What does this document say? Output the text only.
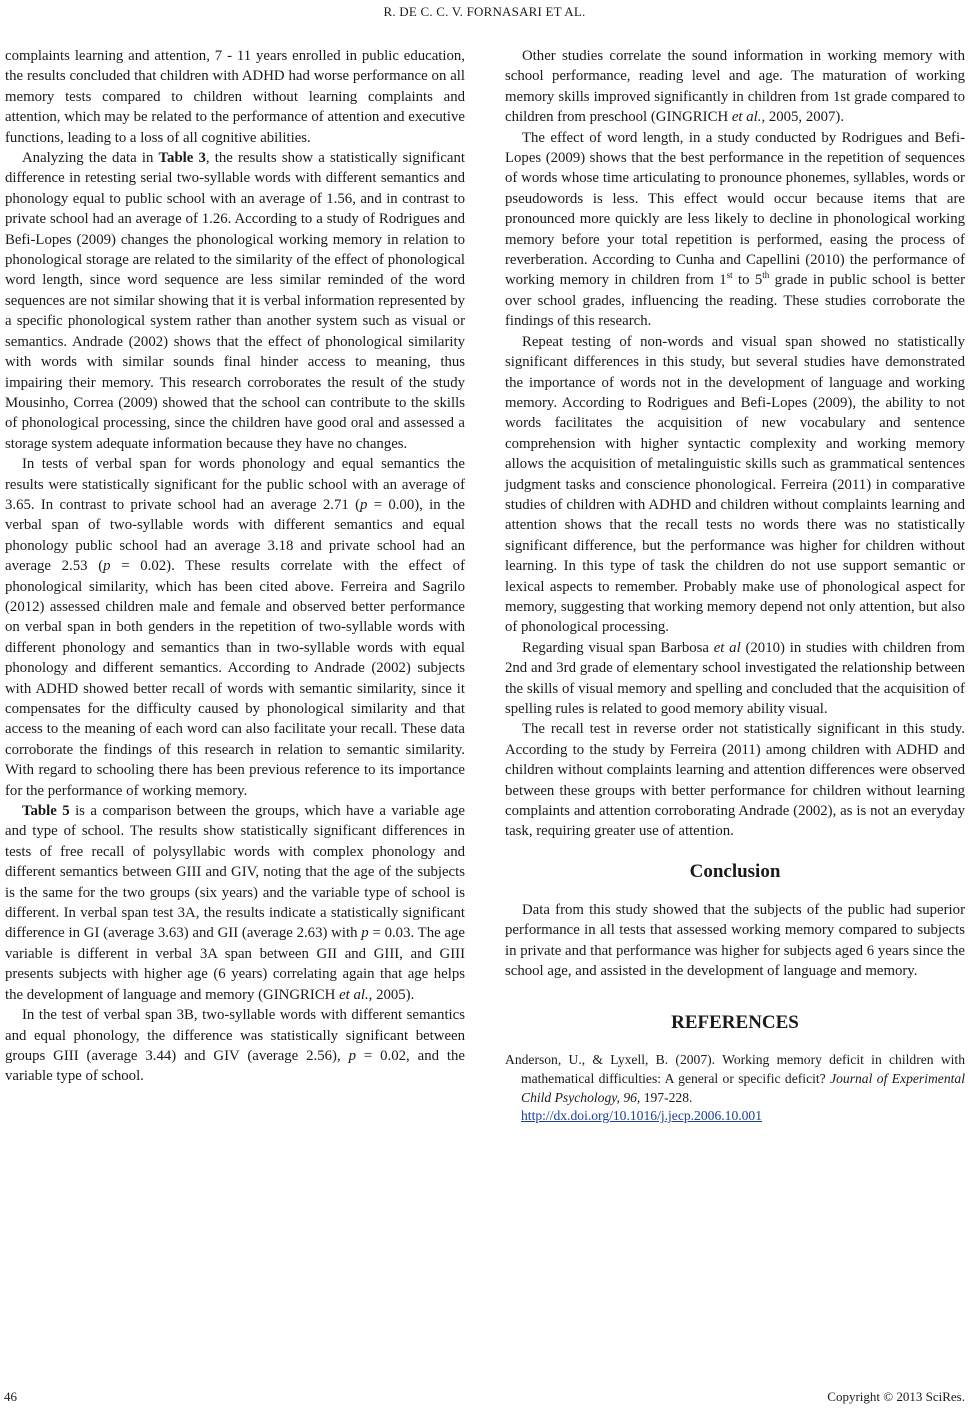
R. DE C. C. V. FORNASARI ET AL.

complaints learning and attention, 7 - 11 years enrolled in public education, the results concluded that children with ADHD had worse performance on all memory tests compared to children without learning complaints and attention, which may be related to the performance of attention and executive functions, leading to a loss of all cognitive abilities.

Analyzing the data in Table 3, the results show a statistically significant difference in retesting serial two-syllable words with different semantics and phonology equal to public school with an average of 1.56, and in contrast to private school had an average of 1.26. According to a study of Rodrigues and Befi-Lopes (2009) changes the phonological working memory in relation to phonological storage are related to the similarity of the effect of phonological word length, since word sequence are less similar reminded of the word sequences are not similar showing that it is verbal information represented by a specific phonological system rather than another system such as visual or semantics. Andrade (2002) shows that the effect of phonological similarity with words with similar sounds final hinder access to meaning, thus impairing their memory. This research corroborates the result of the study Mousinho, Correa (2009) showed that the school can contribute to the skills of phonological processing, since the children have good oral and assessed a storage system adequate information because they have no changes.

In tests of verbal span for words phonology and equal semantics the results were statistically significant for the public school with an average of 3.65. In contrast to private school had an average 2.71 (p = 0.00), in the verbal span of two-syllable words with different semantics and equal phonology public school had an average 3.18 and private school had an average 2.53 (p = 0.02). These results correlate with the effect of phonological similarity, which has been cited above. Ferreira and Sagrilo (2012) assessed children male and female and observed better performance on verbal span in both genders in the repetition of two-syllable words with different phonology and semantics than in two-syllable words with equal phonology and different semantics. According to Andrade (2002) subjects with ADHD showed better recall of words with semantic similarity, since it compensates for the difficulty caused by phonological similarity and that access to the meaning of each word can also facilitate your recall. These data corroborate the findings of this research in relation to semantic similarity. With regard to schooling there has been previous reference to its importance for the performance of working memory.

Table 5 is a comparison between the groups, which have a variable age and type of school. The results show statistically significant differences in tests of free recall of polysyllabic words with complex phonology and different semantics between GIII and GIV, noting that the age of the subjects is the same for the two groups (six years) and the variable type of school is different. In verbal span test 3A, the results indicate a statistically significant difference in GI (average 3.63) and GII (average 2.63) with p = 0.03. The age variable is different in verbal 3A span between GII and GIII, and GIII presents subjects with higher age (6 years) correlating again that age helps the development of language and memory (GINGRICH et al., 2005).

In the test of verbal span 3B, two-syllable words with different semantics and equal phonology, the difference was statistically significant between groups GIII (average 3.44) and GIV (average 2.56), p = 0.02, and the variable type of school.

Other studies correlate the sound information in working memory with school performance, reading level and age. The maturation of working memory skills improved significantly in children from 1st grade compared to children from preschool (GINGRICH et al., 2005, 2007).

The effect of word length, in a study conducted by Rodrigues and Befi-Lopes (2009) shows that the best performance in the repetition of sequences of words whose time articulating to pronounce phonemes, syllables, words or pseudowords is less. This effect would occur because items that are pronounced more quickly are less likely to decline in phonological working memory before your total repetition is performed, easing the process of reverberation. According to Cunha and Capellini (2010) the performance of working memory in children from 1st to 5th grade in public school is better over school grades, influencing the reading. These studies corroborate the findings of this research.

Repeat testing of non-words and visual span showed no statistically significant differences in this study, but several studies have demonstrated the importance of words not in the development of language and working memory. According to Rodrigues and Befi-Lopes (2009), the ability to not words facilitates the acquisition of new vocabulary and sentence comprehension with higher syntactic complexity and working memory allows the acquisition of metalinguistic skills such as grammatical sentences judgment tasks and conscience phonological. Ferreira (2011) in comparative studies of children with ADHD and children without complaints learning and attention shows that the recall tests no words there was no statistically significant difference, but the performance was higher for children without learning. In this type of task the children do not use support semantic or lexical aspects to remember. Probably make use of phonological aspect for memory, suggesting that working memory depend not only attention, but also of phonological processing.

Regarding visual span Barbosa et al (2010) in studies with children from 2nd and 3rd grade of elementary school investigated the relationship between the skills of visual memory and spelling and concluded that the acquisition of spelling rules is related to good memory ability visual.

The recall test in reverse order not statistically significant in this study. According to the study by Ferreira (2011) among children with ADHD and children without complaints learning and attention differences were observed between these groups with better performance for children without learning complaints and attention corroborating Andrade (2002), as is not an everyday task, requiring greater use of attention.

Conclusion

Data from this study showed that the subjects of the public had superior performance in all tests that assessed working memory compared to subjects in private and that performance was higher for subjects aged 6 years since the school age, and assisted in the development of language and memory.

REFERENCES

Anderson, U., & Lyxell, B. (2007). Working memory deficit in children with mathematical difficulties: A general or specific deficit? Journal of Experimental Child Psychology, 96, 197-228.
http://dx.doi.org/10.1016/j.jecp.2006.10.001

46	Copyright © 2013 SciRes.
